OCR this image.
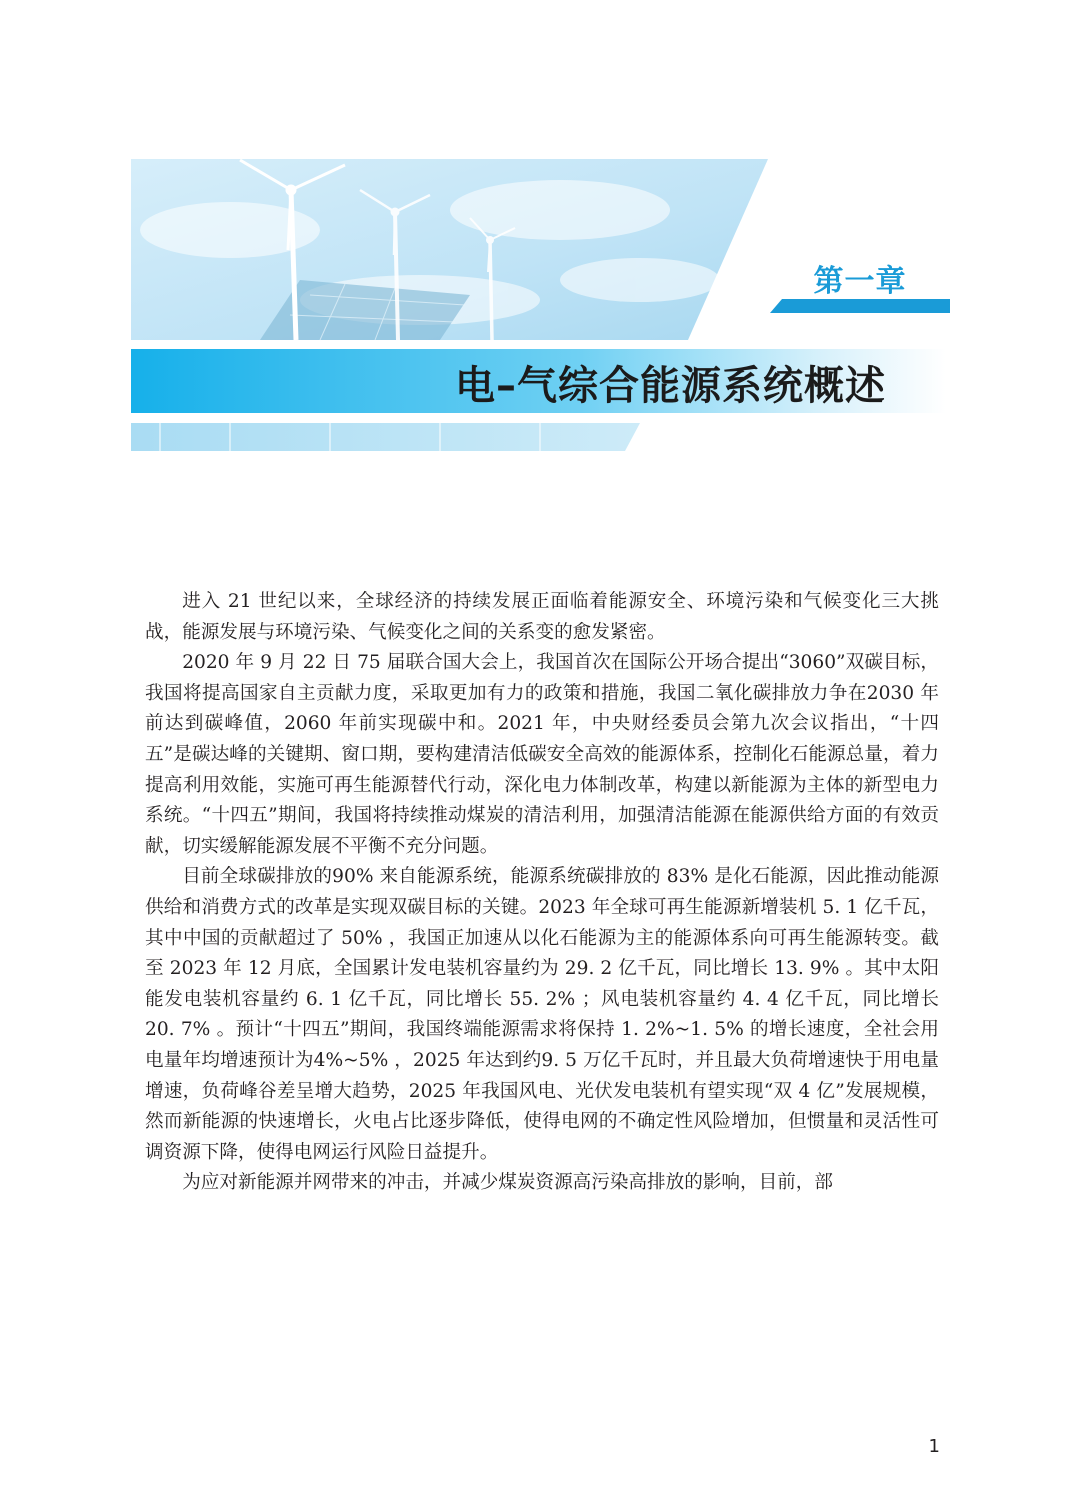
第一章
电–气综合能源系统概述

进入 21 世纪以来，全球经济的持续发展正面临着能源安全、环境污染和气候变化三大挑战，能源发展与环境污染、气候变化之间的关系变的愈发紧密。

2020 年 9 月 22 日 75 届联合国大会上，我国首次在国际公开场合提出“3060”双碳目标，我国将提高国家自主贡献力度，采取更加有力的政策和措施，我国二氧化碳排放力争在2030 年前达到碳峰值，2060 年前实现碳中和。2021 年，中央财经委员会第九次会议指出，“十四五”是碳达峰的关键期、窗口期，要构建清洁低碳安全高效的能源体系，控制化石能源总量，着力提高利用效能，实施可再生能源替代行动，深化电力体制改革，构建以新能源为主体的新型电力系统。“十四五”期间，我国将持续推动煤炭的清洁利用，加强清洁能源在能源供给方面的有效贡献，切实缓解能源发展不平衡不充分问题。

目前全球碳排放的90% 来自能源系统，能源系统碳排放的 83% 是化石能源，因此推动能源供给和消费方式的改革是实现双碳目标的关键。2023 年全球可再生能源新增装机 5. 1 亿千瓦，其中中国的贡献超过了 50% ，我国正加速从以化石能源为主的能源体系向可再生能源转变。截至 2023 年 12 月底，全国累计发电装机容量约为 29. 2 亿千瓦，同比增长 13. 9% 。其中太阳能发电装机容量约 6. 1 亿千瓦，同比增长 55. 2% ；风电装机容量约 4. 4 亿千瓦，同比增长 20. 7% 。预计“十四五”期间，我国终端能源需求将保持 1. 2%~1. 5% 的增长速度，全社会用电量年均增速预计为4%~5% ，2025 年达到约9. 5 万亿千瓦时，并且最大负荷增速快于用电量增速，负荷峰谷差呈增大趋势，2025 年我国风电、光伏发电装机有望实现“双 4 亿”发展规模，然而新能源的快速增长，火电占比逐步降低，使得电网的不确定性风险增加，但惯量和灵活性可调资源下降，使得电网运行风险日益提升。

为应对新能源并网带来的冲击，并减少煤炭资源高污染高排放的影响，目前，部

1
